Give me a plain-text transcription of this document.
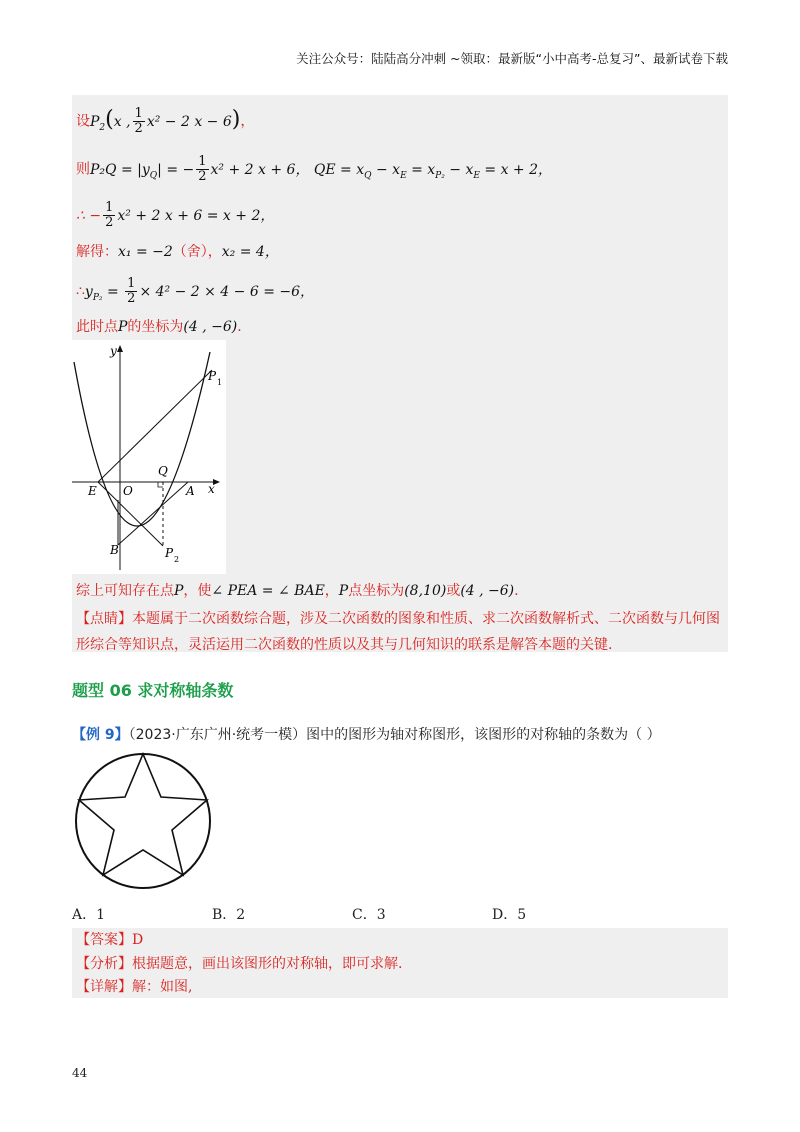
关注公众号：陆陆高分冲刺 ~领取：最新版“小中高考-总复习”、最新试卷下载
设$P_2(x$ , $\frac{1}{2} x^2 - 2$ x − 6)，
则$P_2Q = |y_Q|$ = − $\frac{1}{2} x^2 + 2$ x + 6， QE = $x_Q - x_E = x_{P_2} - x_E = x + 2$，
∴ − $\frac{1}{2} x^2 + 2$ x + 6 = x + 2，
解得：x₁ = −2（舍），x₂ = 4，
$\therefore y_{P_2} = \frac{1}{2} \times 4^2 - 2 \times 4 - 6 = -6$，
此时点P的坐标为(4 , −6).
综上可知存在点P，使∠ PEA = ∠ BAE，P点坐标为(8,10)或(4 , −6).
【点睛】本题属于二次函数综合题，涉及二次函数的图象和性质、求二次函数解析式、二次函数与几何图
形综合等知识点，灵活运用二次函数的性质以及其与几何知识的联系是解答本题的关键.
y
x
P 1
Q
E O	A
B	P 2
题型 06 求对称轴条数
【例 9】（2023·广东广州·统考一模）图中的图形为轴对称图形，该图形的对称轴的条数为（ ）
A．1	B．2	C．3	D．5
【答案】D
【分析】根据题意，画出该图形的对称轴，即可求解.
【详解】解：如图,
44
